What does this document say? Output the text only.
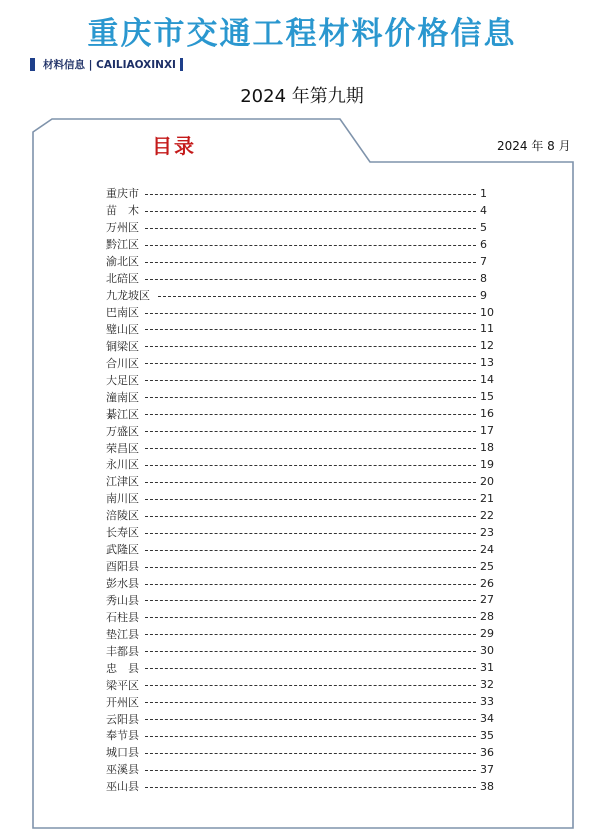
重庆市交通工程材料价格信息
材料信息 | CAILIAOXINXI
2024 年第九期
目录	2024 年 8 月
重庆市	1
苗　木	4
万州区	5
黔江区	6
渝北区	7
北碚区	8
九龙坡区	9
巴南区	10
璧山区	11
铜梁区	12
合川区	13
大足区	14
潼南区	15
綦江区	16
万盛区	17
荣昌区	18
永川区	19
江津区	20
南川区	21
涪陵区	22
长寿区	23
武隆区	24
酉阳县	25
彭水县	26
秀山县	27
石柱县	28
垫江县	29
丰都县	30
忠　县	31
梁平区	32
开州区	33
云阳县	34
奉节县	35
城口县	36
巫溪县	37
巫山县	38
